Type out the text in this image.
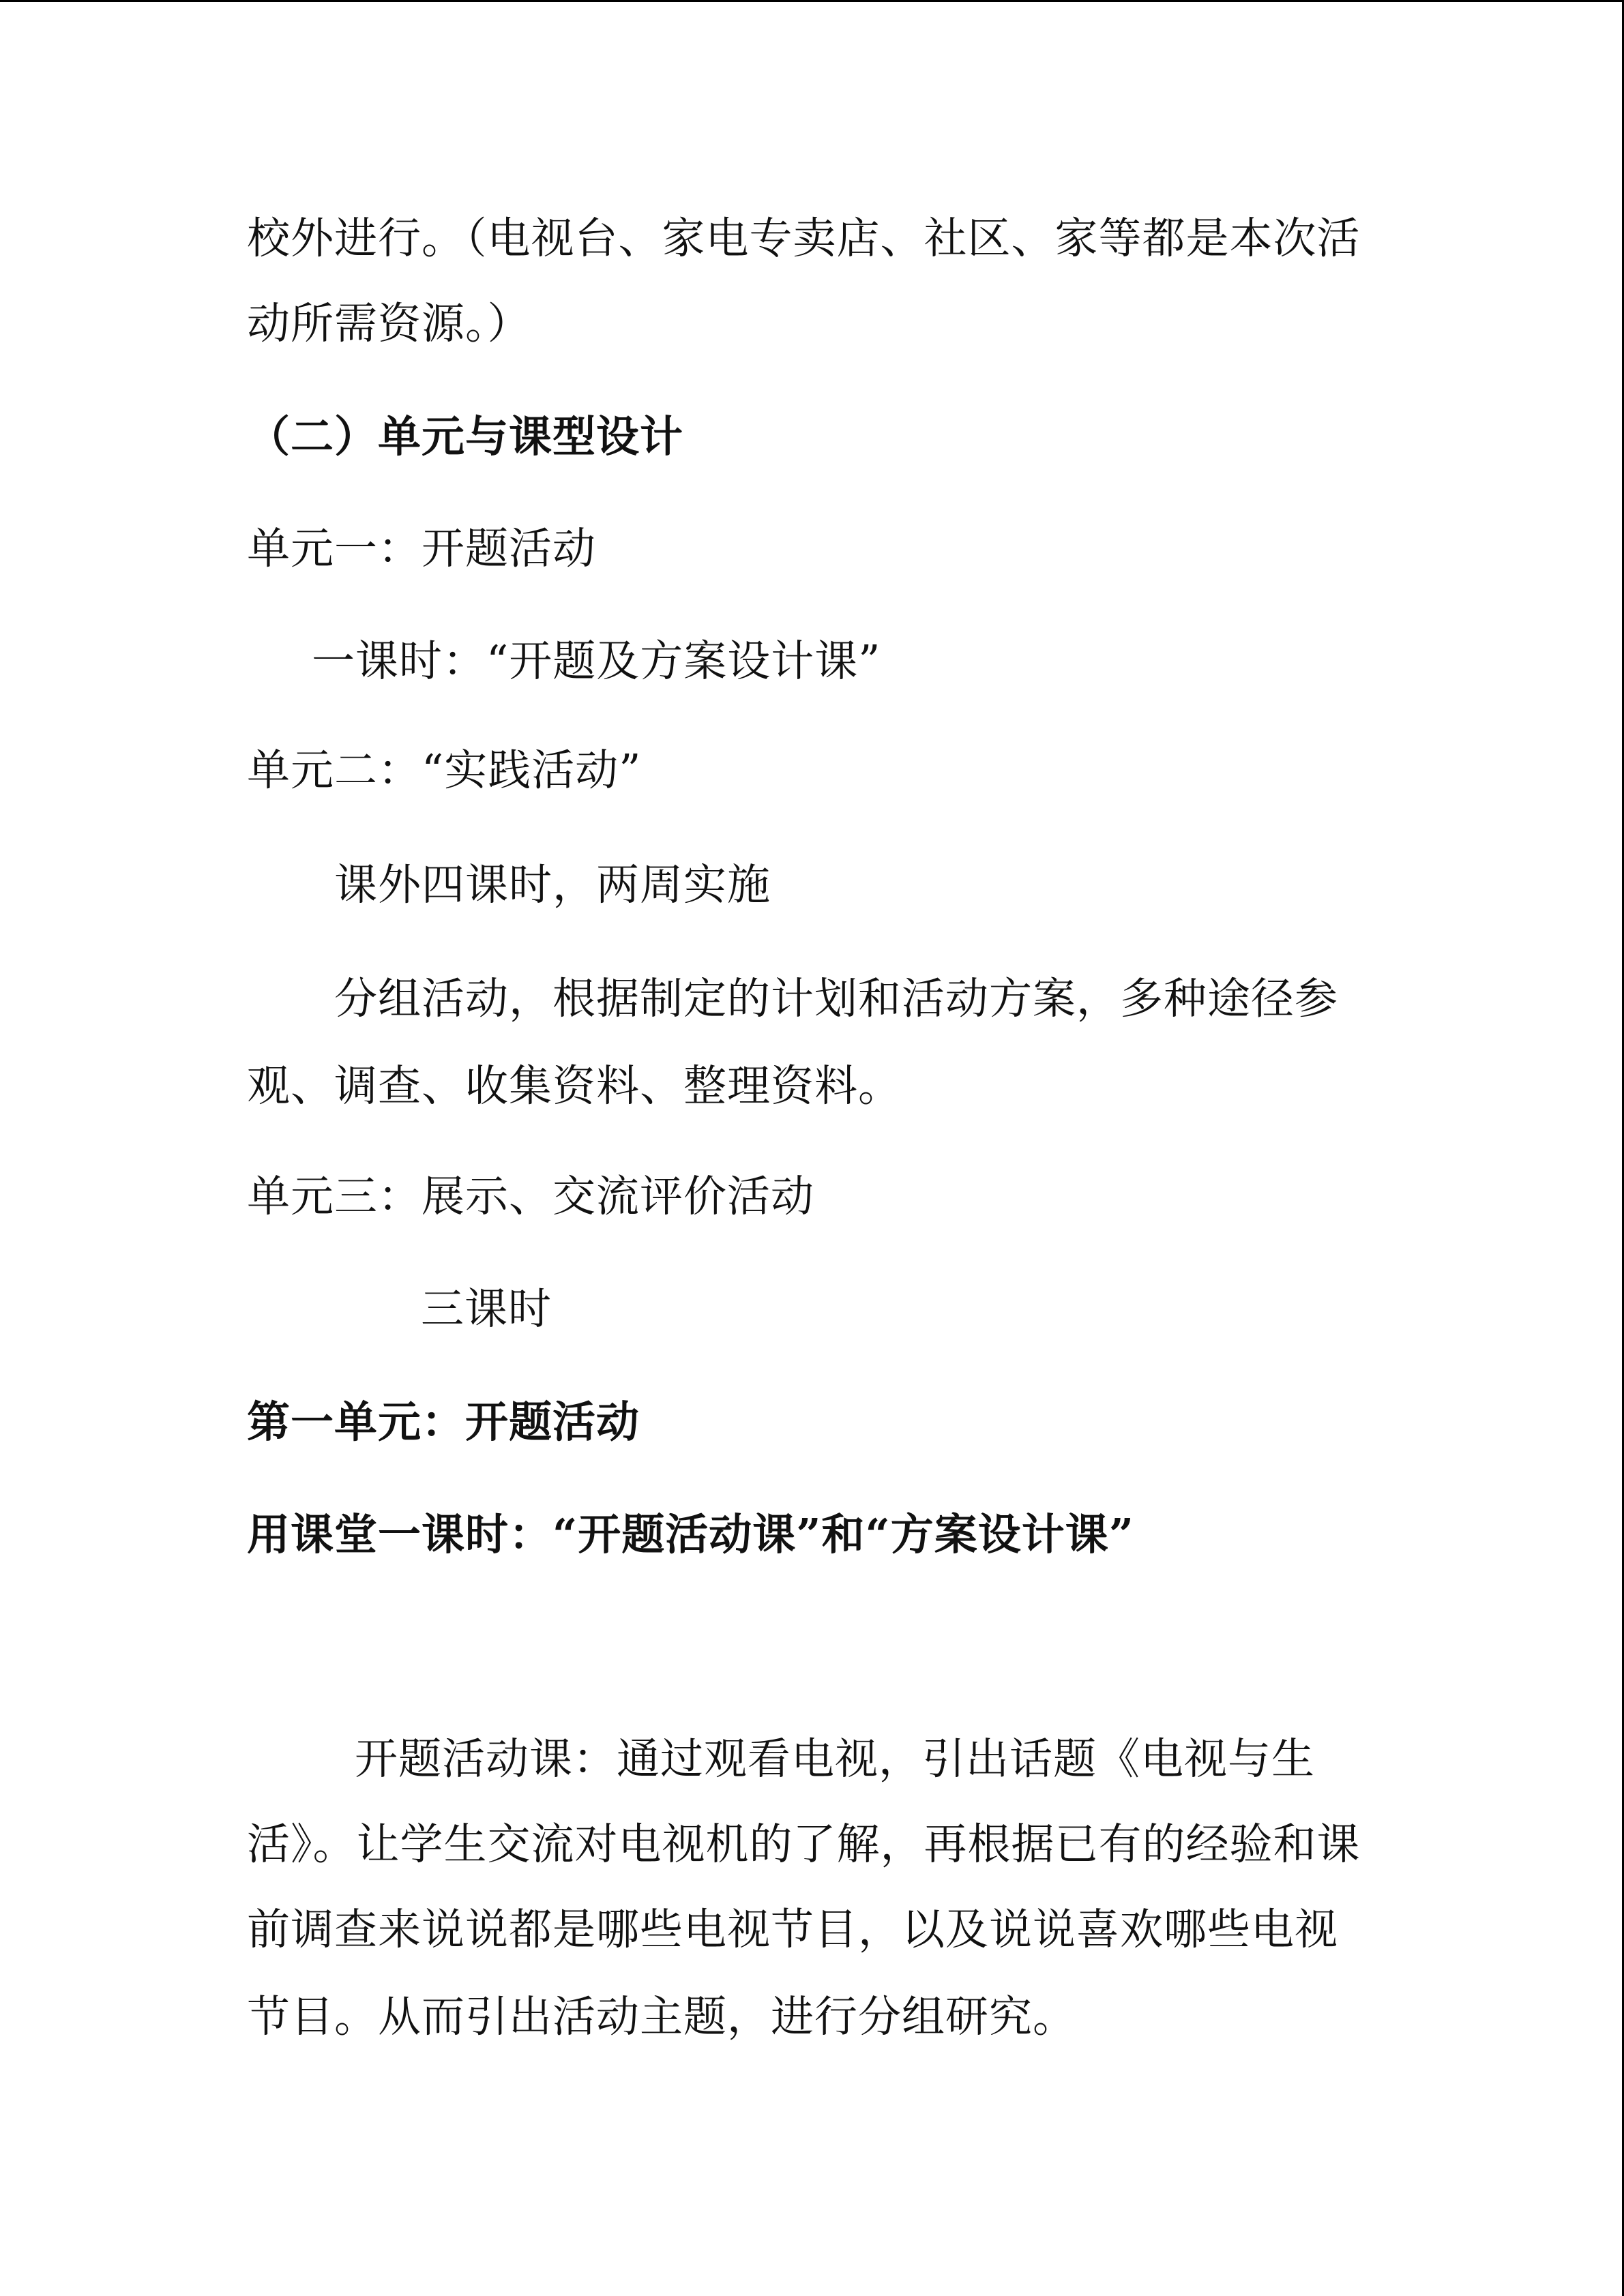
校外进行。（电视台、家电专卖店、社区、家等都是本次活
动所需资源。）
（二）单元与课型设计
单元一：开题活动
一课时：“开题及方案设计课”
单元二：“实践活动”
课外四课时，两周实施
分组活动，根据制定的计划和活动方案，多种途径参
观、调查、收集资料、整理资料。
单元三：展示、交流评价活动
三课时
第一单元：开题活动
用课堂一课时：“开题活动课”和“方案设计课”
开题活动课：通过观看电视，引出话题《电视与生
活》。让学生交流对电视机的了解，再根据已有的经验和课
前调查来说说都是哪些电视节目，以及说说喜欢哪些电视
节目。从而引出活动主题，进行分组研究。
